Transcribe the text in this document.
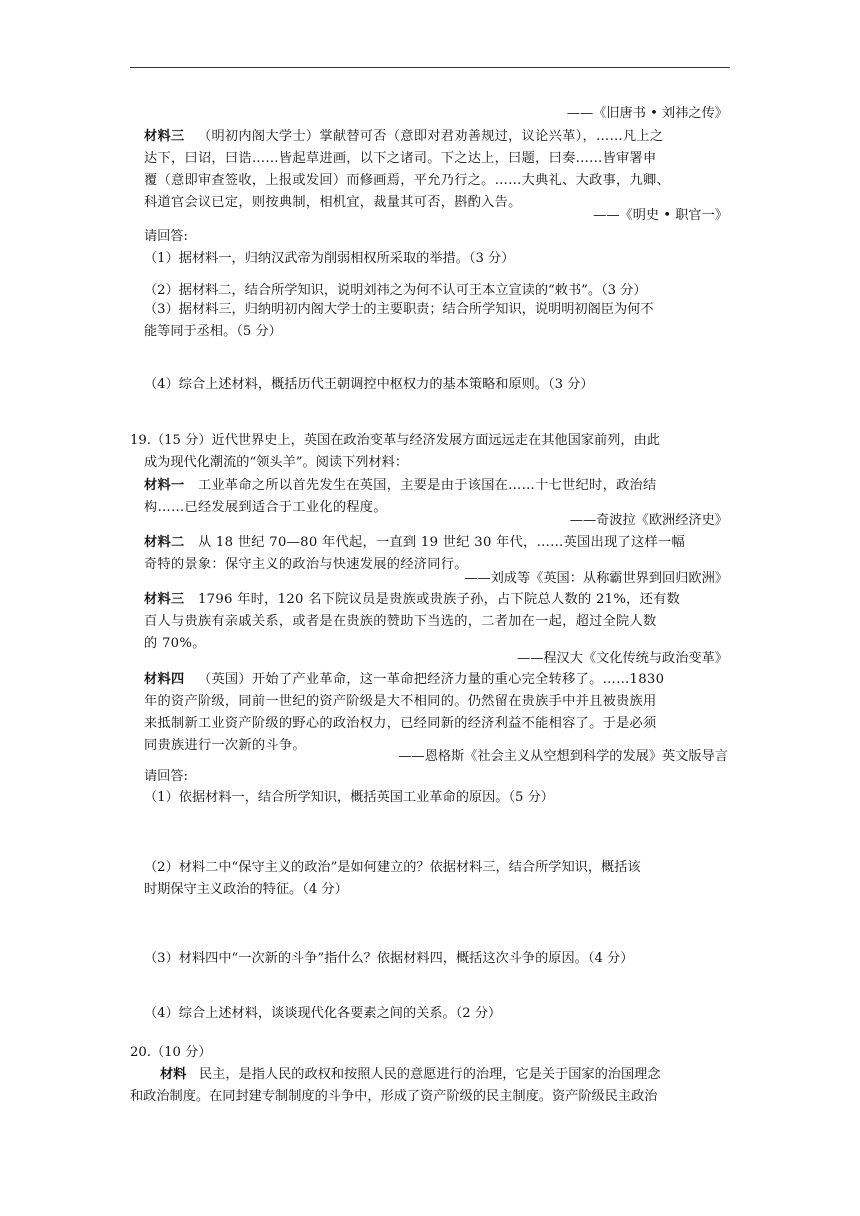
——《旧唐书 • 刘祎之传》
材料三 （明初内阁大学士）掌献替可否（意即对君劝善规过，议论兴革），……凡上之
达下，曰诏，曰诰……皆起草进画，以下之诸司。下之达上，曰题，曰奏……皆审署申
覆（意即审查签收，上报或发回）而修画焉，平允乃行之。……大典礼、大政事，九卿、
科道官会议已定，则按典制，相机宜，裁量其可否，斟酌入告。
——《明史 • 职官一》
请回答:
（1）据材料一，归纳汉武帝为削弱相权所采取的举措。（3 分）
（2）据材料二，结合所学知识，说明刘祎之为何不认可王本立宣读的“敕书”。（3 分）
（3）据材料三，归纳明初内阁大学士的主要职责；结合所学知识，说明明初阁臣为何不
能等同于丞相。（5 分）
（4）综合上述材料，概括历代王朝调控中枢权力的基本策略和原则。（3 分）
19.（15 分）近代世界史上，英国在政治变革与经济发展方面远远走在其他国家前列，由此
成为现代化潮流的“领头羊”。阅读下列材料：
材料一 工业革命之所以首先发生在英国，主要是由于该国在……十七世纪时，政治结
构……已经发展到适合于工业化的程度。
——奇波拉《欧洲经济史》
材料二 从 18 世纪 70—80 年代起，一直到 19 世纪 30 年代，……英国出现了这样一幅
奇特的景象：保守主义的政治与快速发展的经济同行。
——刘成等《英国：从称霸世界到回归欧洲》
材料三 1796 年时，120 名下院议员是贵族或贵族子孙，占下院总人数的 21%，还有数
百人与贵族有亲戚关系，或者是在贵族的赞助下当选的，二者加在一起，超过全院人数
的 70%。
——程汉大《文化传统与政治变革》
材料四 （英国）开始了产业革命，这一革命把经济力量的重心完全转移了。……1830
年的资产阶级，同前一世纪的资产阶级是大不相同的。仍然留在贵族手中并且被贵族用
来抵制新工业资产阶级的野心的政治权力，已经同新的经济利益不能相容了。于是必须
同贵族进行一次新的斗争。
——恩格斯《社会主义从空想到科学的发展》英文版导言
请回答:
（1）依据材料一，结合所学知识，概括英国工业革命的原因。（5 分）
（2）材料二中“保守主义的政治”是如何建立的？依据材料三，结合所学知识，概括该
时期保守主义政治的特征。（4 分）
（3）材料四中“一次新的斗争”指什么？依据材料四，概括这次斗争的原因。（4 分）
（4）综合上述材料，谈谈现代化各要素之间的关系。（2 分）
20.（10 分）
材料 民主，是指人民的政权和按照人民的意愿进行的治理，它是关于国家的治国理念
和政治制度。在同封建专制制度的斗争中，形成了资产阶级的民主制度。资产阶级民主政治
